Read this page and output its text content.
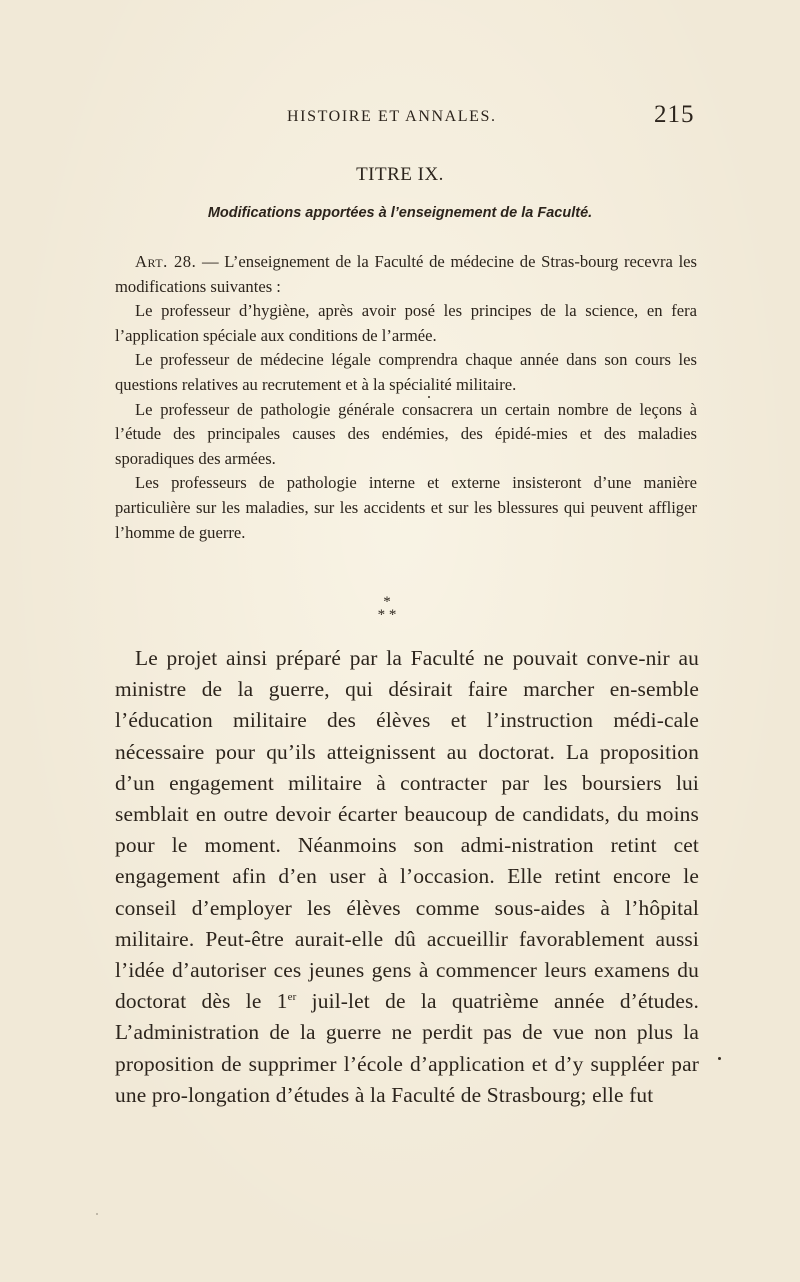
HISTOIRE ET ANNALES.	215
TITRE IX.
Modifications apportées à l’enseignement de la Faculté.

Art. 28. — L’enseignement de la Faculté de médecine de Stras-bourg recevra les modifications suivantes :

Le professeur d’hygiène, après avoir posé les principes de la science, en fera l’application spéciale aux conditions de l’armée.

Le professeur de médecine légale comprendra chaque année dans son cours les questions relatives au recrutement et à la spécialité militaire.

Le professeur de pathologie générale consacrera un certain nombre de leçons à l’étude des principales causes des endémies, des épidé-mies et des maladies sporadiques des armées.

Les professeurs de pathologie interne et externe insisteront d’une manière particulière sur les maladies, sur les accidents et sur les blessures qui peuvent affliger l’homme de guerre.

*
* *

Le projet ainsi préparé par la Faculté ne pouvait conve-nir au ministre de la guerre, qui désirait faire marcher en-semble l’éducation militaire des élèves et l’instruction médi-cale nécessaire pour qu’ils atteignissent au doctorat. La proposition d’un engagement militaire à contracter par les boursiers lui semblait en outre devoir écarter beaucoup de candidats, du moins pour le moment. Néanmoins son admi-nistration retint cet engagement afin d’en user à l’occasion. Elle retint encore le conseil d’employer les élèves comme sous-aides à l’hôpital militaire. Peut-être aurait-elle dû accueillir favorablement aussi l’idée d’autoriser ces jeunes gens à commencer leurs examens du doctorat dès le 1er juil-let de la quatrième année d’études. L’administration de la guerre ne perdit pas de vue non plus la proposition de supprimer l’école d’application et d’y suppléer par une pro-longation d’études à la Faculté de Strasbourg; elle fut
